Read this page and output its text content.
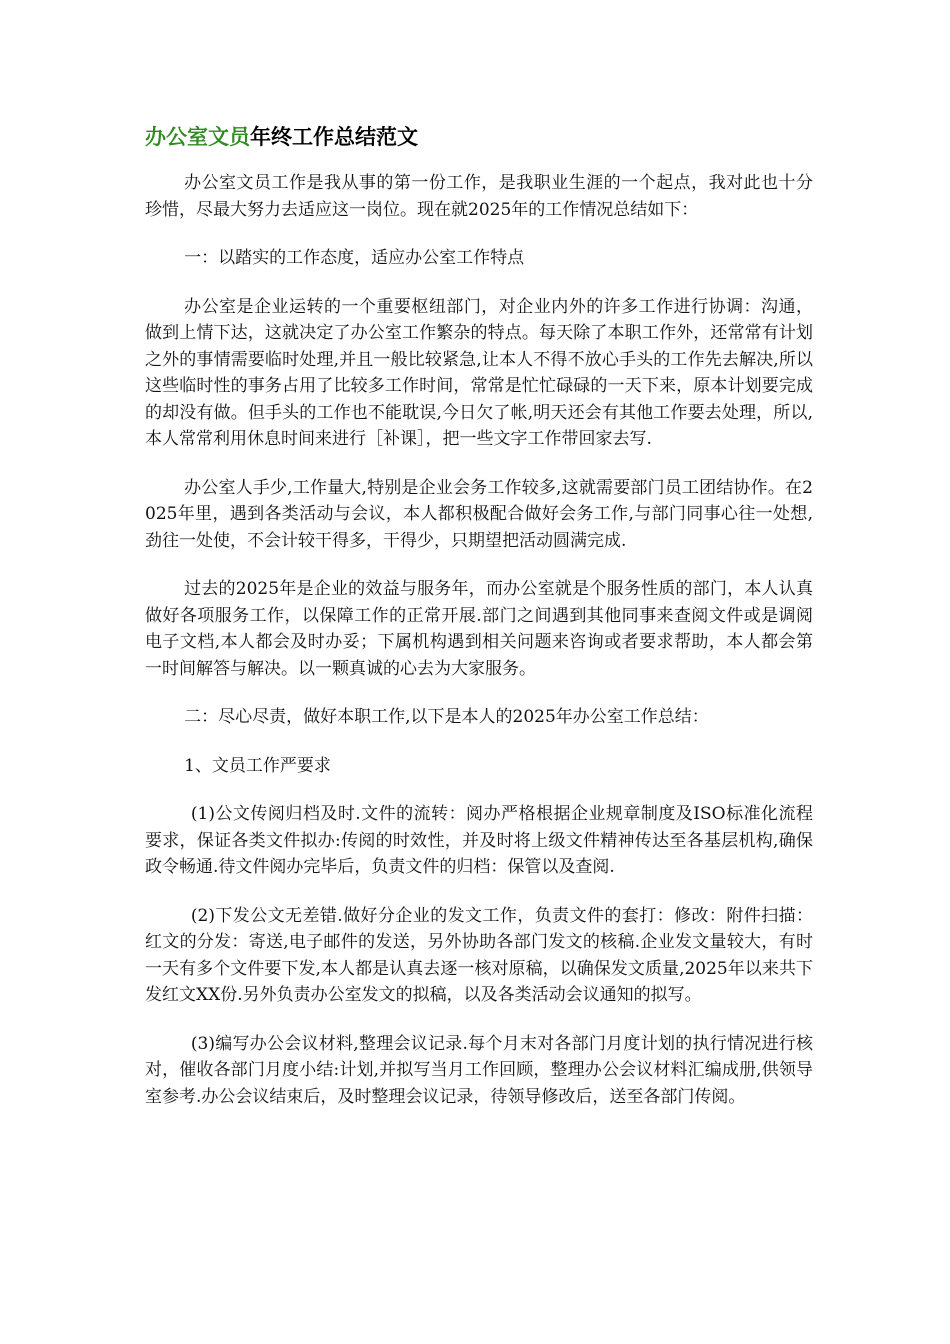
办公室文员年终工作总结范文

办公室文员工作是我从事的第一份工作，是我职业生涯的一个起点，我对此也十分珍惜，尽最大努力去适应这一岗位。现在就2025年的工作情况总结如下：

一：以踏实的工作态度，适应办公室工作特点

办公室是企业运转的一个重要枢纽部门，对企业内外的许多工作进行协调：沟通，做到上情下达，这就决定了办公室工作繁杂的特点。每天除了本职工作外，还常常有计划之外的事情需要临时处理,并且一般比较紧急,让本人不得不放心手头的工作先去解决,所以这些临时性的事务占用了比较多工作时间，常常是忙忙碌碌的一天下来，原本计划要完成的却没有做。但手头的工作也不能耽误,今日欠了帐,明天还会有其他工作要去处理，所以,本人常常利用休息时间来进行［补课］，把一些文字工作带回家去写.

办公室人手少,工作量大,特别是企业会务工作较多,这就需要部门员工团结协作。在2025年里，遇到各类活动与会议，本人都积极配合做好会务工作,与部门同事心往一处想,劲往一处使，不会计较干得多，干得少，只期望把活动圆满完成.

过去的2025年是企业的效益与服务年，而办公室就是个服务性质的部门，本人认真做好各项服务工作，以保障工作的正常开展.部门之间遇到其他同事来查阅文件或是调阅电子文档,本人都会及时办妥；下属机构遇到相关问题来咨询或者要求帮助，本人都会第一时间解答与解决。以一颗真诚的心去为大家服务。

二：尽心尽责，做好本职工作,以下是本人的2025年办公室工作总结：

1、文员工作严要求

(1)公文传阅归档及时.文件的流转：阅办严格根据企业规章制度及ISO标准化流程要求，保证各类文件拟办:传阅的时效性，并及时将上级文件精神传达至各基层机构,确保政令畅通.待文件阅办完毕后，负责文件的归档：保管以及查阅.

(2)下发公文无差错.做好分企业的发文工作，负责文件的套打：修改：附件扫描：红文的分发：寄送,电子邮件的发送，另外协助各部门发文的核稿.企业发文量较大，有时一天有多个文件要下发,本人都是认真去逐一核对原稿，以确保发文质量,2025年以来共下发红文XX份.另外负责办公室发文的拟稿，以及各类活动会议通知的拟写。

(3)编写办公会议材料,整理会议记录.每个月末对各部门月度计划的执行情况进行核对，催收各部门月度小结:计划,并拟写当月工作回顾，整理办公会议材料汇编成册,供领导室参考.办公会议结束后，及时整理会议记录，待领导修改后，送至各部门传阅。
